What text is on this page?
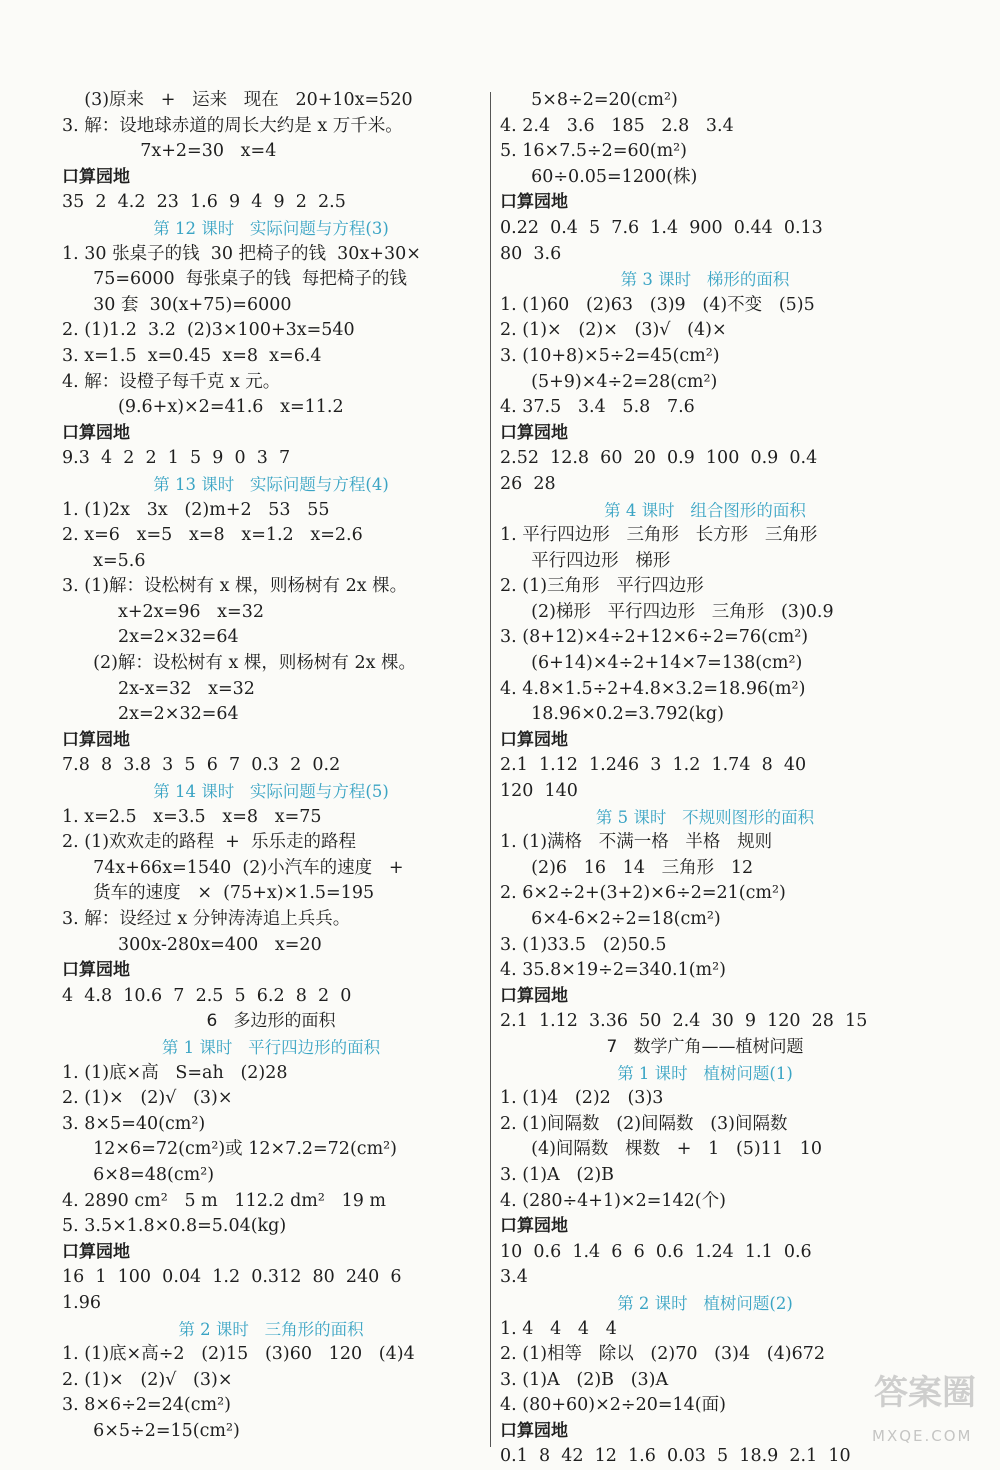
(3)原来   +   运来   现在   20+10x=520
3. 解：设地球赤道的周长大约是 x 万千米。
7x+2=30   x=4
口算园地
35  2  4.2  23  1.6  9  4  9  2  2.5
第 12 课时   实际问题与方程(3)
1. 30 张桌子的钱  30 把椅子的钱  30x+30×
75=6000  每张桌子的钱  每把椅子的钱
30 套  30(x+75)=6000
2. (1)1.2  3.2  (2)3×100+3x=540
3. x=1.5  x=0.45  x=8  x=6.4
4. 解：设橙子每千克 x 元。
(9.6+x)×2=41.6   x=11.2
口算园地
9.3  4  2  2  1  5  9  0  3  7
第 13 课时   实际问题与方程(4)
1. (1)2x   3x   (2)m+2   53   55
2. x=6   x=5   x=8   x=1.2   x=2.6
x=5.6
3. (1)解：设松树有 x 棵，则杨树有 2x 棵。
x+2x=96   x=32
2x=2×32=64
(2)解：设松树有 x 棵，则杨树有 2x 棵。
2x-x=32   x=32
2x=2×32=64
口算园地
7.8  8  3.8  3  5  6  7  0.3  2  0.2
第 14 课时   实际问题与方程(5)
1. x=2.5   x=3.5   x=8   x=75
2. (1)欢欢走的路程  +  乐乐走的路程
74x+66x=1540  (2)小汽车的速度   +
货车的速度   ×  (75+x)×1.5=195
3. 解：设经过 x 分钟涛涛追上兵兵。
300x-280x=400   x=20
口算园地
4  4.8  10.6  7  2.5  5  6.2  8  2  0
6   多边形的面积
第 1 课时   平行四边形的面积
1. (1)底×高   S=ah   (2)28
2. (1)×   (2)√   (3)×
3. 8×5=40(cm²)
12×6=72(cm²)或 12×7.2=72(cm²)
6×8=48(cm²)
4. 2890 cm²   5 m   112.2 dm²   19 m
5. 3.5×1.8×0.8=5.04(kg)
口算园地
16  1  100  0.04  1.2  0.312  80  240  6
1.96
第 2 课时   三角形的面积
1. (1)底×高÷2   (2)15   (3)60   120   (4)4
2. (1)×   (2)√   (3)×
3. 8×6÷2=24(cm²)
6×5÷2=15(cm²)
5×8÷2=20(cm²)
4. 2.4   3.6   185   2.8   3.4
5. 16×7.5÷2=60(m²)
60÷0.05=1200(株)
口算园地
0.22  0.4  5  7.6  1.4  900  0.44  0.13
80  3.6
第 3 课时   梯形的面积
1. (1)60   (2)63   (3)9   (4)不变   (5)5
2. (1)×   (2)×   (3)√   (4)×
3. (10+8)×5÷2=45(cm²)
(5+9)×4÷2=28(cm²)
4. 37.5   3.4   5.8   7.6
口算园地
2.52  12.8  60  20  0.9  100  0.9  0.4
26  28
第 4 课时   组合图形的面积
1. 平行四边形   三角形   长方形   三角形
平行四边形   梯形
2. (1)三角形   平行四边形
(2)梯形   平行四边形   三角形   (3)0.9
3. (8+12)×4÷2+12×6÷2=76(cm²)
(6+14)×4÷2+14×7=138(cm²)
4. 4.8×1.5÷2+4.8×3.2=18.96(m²)
18.96×0.2=3.792(kg)
口算园地
2.1  1.12  1.246  3  1.2  1.74  8  40
120  140
第 5 课时   不规则图形的面积
1. (1)满格   不满一格   半格   规则
(2)6   16   14   三角形   12
2. 6×2÷2+(3+2)×6÷2=21(cm²)
6×4-6×2÷2=18(cm²)
3. (1)33.5   (2)50.5
4. 35.8×19÷2=340.1(m²)
口算园地
2.1  1.12  3.36  50  2.4  30  9  120  28  15
7   数学广角——植树问题
第 1 课时   植树问题(1)
1. (1)4   (2)2   (3)3
2. (1)间隔数   (2)间隔数   (3)间隔数
(4)间隔数   棵数   +   1   (5)11   10
3. (1)A   (2)B
4. (280÷4+1)×2=142(个)
口算园地
10  0.6  1.4  6  6  0.6  1.24  1.1  0.6
3.4
第 2 课时   植树问题(2)
1. 4   4   4   4
2. (1)相等   除以   (2)70   (3)4   (4)672
3. (1)A   (2)B   (3)A
4. (80+60)×2÷20=14(面)
口算园地
0.1  8  42  12  1.6  0.03  5  18.9  2.1  10
答案圈
MXQE.COM
